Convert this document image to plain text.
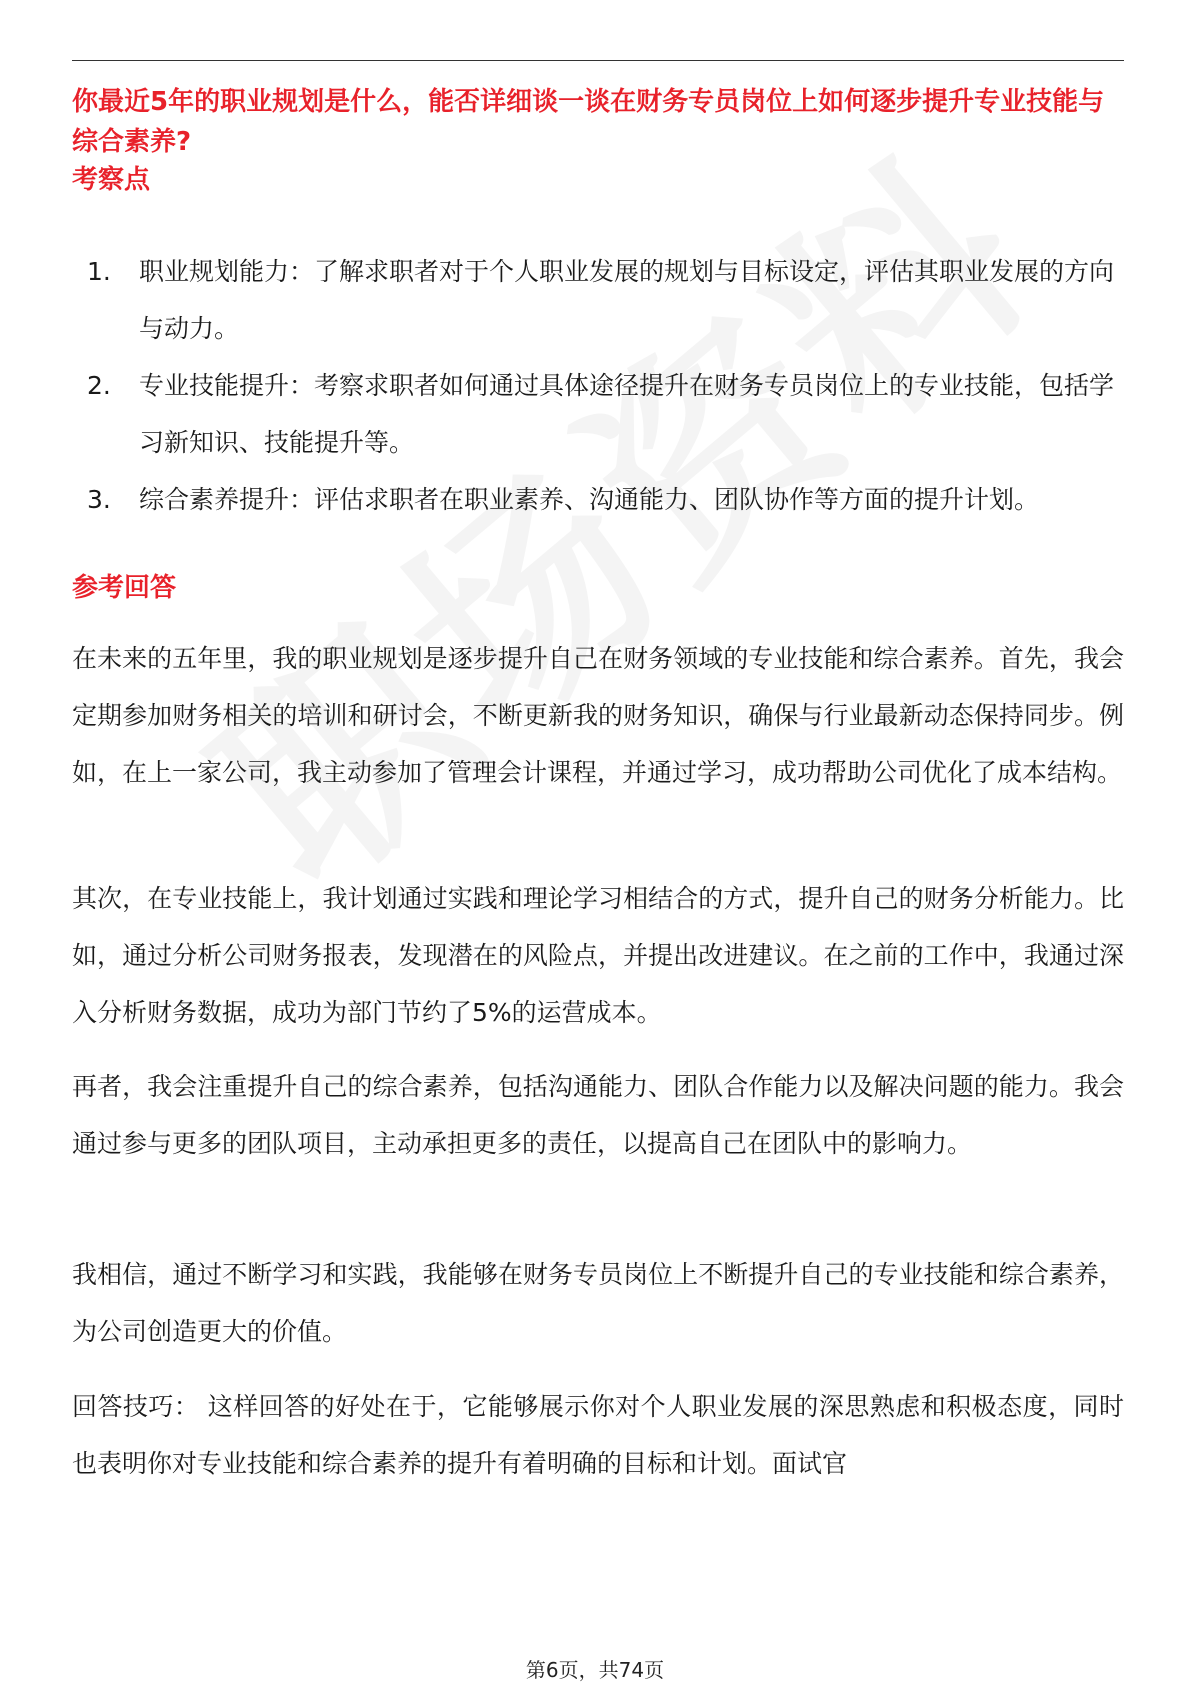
你最近5年的职业规划是什么，能否详细谈一谈在财务专员岗位上如何逐步提升专业技能与综合素养?

考察点

1.	职业规划能力：了解求职者对于个人职业发展的规划与目标设定，评估其职业发展的方向与动力。
2.	专业技能提升：考察求职者如何通过具体途径提升在财务专员岗位上的专业技能，包括学习新知识、技能提升等。
3.	综合素养提升：评估求职者在职业素养、沟通能力、团队协作等方面的提升计划。

参考回答

在未来的五年里，我的职业规划是逐步提升自己在财务领域的专业技能和综合素养。首先，我会定期参加财务相关的培训和研讨会，不断更新我的财务知识，确保与行业最新动态保持同步。例如，在上一家公司，我主动参加了管理会计课程，并通过学习，成功帮助公司优化了成本结构。

其次，在专业技能上，我计划通过实践和理论学习相结合的方式，提升自己的财务分析能力。比如，通过分析公司财务报表，发现潜在的风险点，并提出改进建议。在之前的工作中，我通过深入分析财务数据，成功为部门节约了5%的运营成本。

再者，我会注重提升自己的综合素养，包括沟通能力、团队合作能力以及解决问题的能力。我会通过参与更多的团队项目，主动承担更多的责任，以提高自己在团队中的影响力。

我相信，通过不断学习和实践，我能够在财务专员岗位上不断提升自己的专业技能和综合素养，为公司创造更大的价值。

回答技巧： 这样回答的好处在于，它能够展示你对个人职业发展的深思熟虑和积极态度，同时也表明你对专业技能和综合素养的提升有着明确的目标和计划。面试官

第6页，共74页
